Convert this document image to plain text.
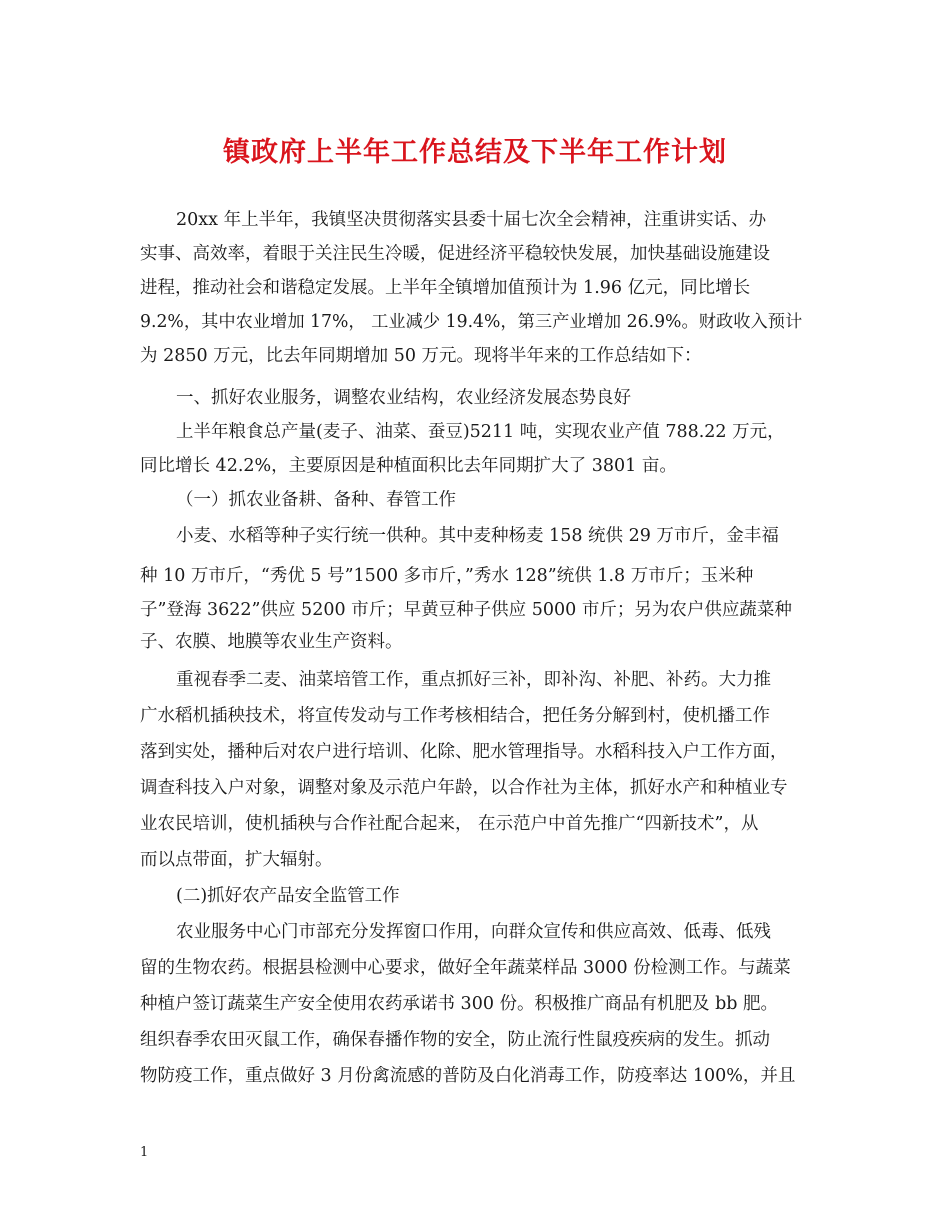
镇政府上半年工作总结及下半年工作计划
20xx 年上半年，我镇坚决贯彻落实县委十届七次全会精神，注重讲实话、办
实事、高效率，着眼于关注民生冷暖，促进经济平稳较快发展，加快基础设施建设
进程，推动社会和谐稳定发展。上半年全镇增加值预计为 1.96 亿元，同比增长
9.2%，其中农业增加 17%， 工业减少 19.4%，第三产业增加 26.9%。财政收入预计
为 2850 万元，比去年同期增加 50 万元。现将半年来的工作总结如下：
一、抓好农业服务，调整农业结构，农业经济发展态势良好
上半年粮食总产量(麦子、油菜、蚕豆)5211 吨，实现农业产值 788.22 万元，
同比增长 42.2%，主要原因是种植面积比去年同期扩大了 3801 亩。
（一）抓农业备耕、备种、春管工作
小麦、水稻等种子实行统一供种。其中麦种杨麦 158 统供 29 万市斤，金丰福
种 10 万市斤，“秀优 5 号”1500 多市斤，”秀水 128”统供 1.8 万市斤；玉米种
子”登海 3622”供应 5200 市斤；早黄豆种子供应 5000 市斤；另为农户供应蔬菜种
子、农膜、地膜等农业生产资料。
重视春季二麦、油菜培管工作，重点抓好三补，即补沟、补肥、补药。大力推
广水稻机插秧技术，将宣传发动与工作考核相结合，把任务分解到村，使机播工作
落到实处，播种后对农户进行培训、化除、肥水管理指导。水稻科技入户工作方面，
调查科技入户对象，调整对象及示范户年龄，以合作社为主体，抓好水产和种植业专
业农民培训，使机插秧与合作社配合起来， 在示范户中首先推广“四新技术”，从
而以点带面，扩大辐射。
(二)抓好农产品安全监管工作
农业服务中心门市部充分发挥窗口作用，向群众宣传和供应高效、低毒、低残
留的生物农药。根据县检测中心要求，做好全年蔬菜样品 3000 份检测工作。与蔬菜
种植户签订蔬菜生产安全使用农药承诺书 300 份。积极推广商品有机肥及 bb 肥。
组织春季农田灭鼠工作，确保春播作物的安全，防止流行性鼠疫疾病的发生。抓动
物防疫工作，重点做好 3 月份禽流感的普防及白化消毒工作，防疫率达 100%，并且
1
